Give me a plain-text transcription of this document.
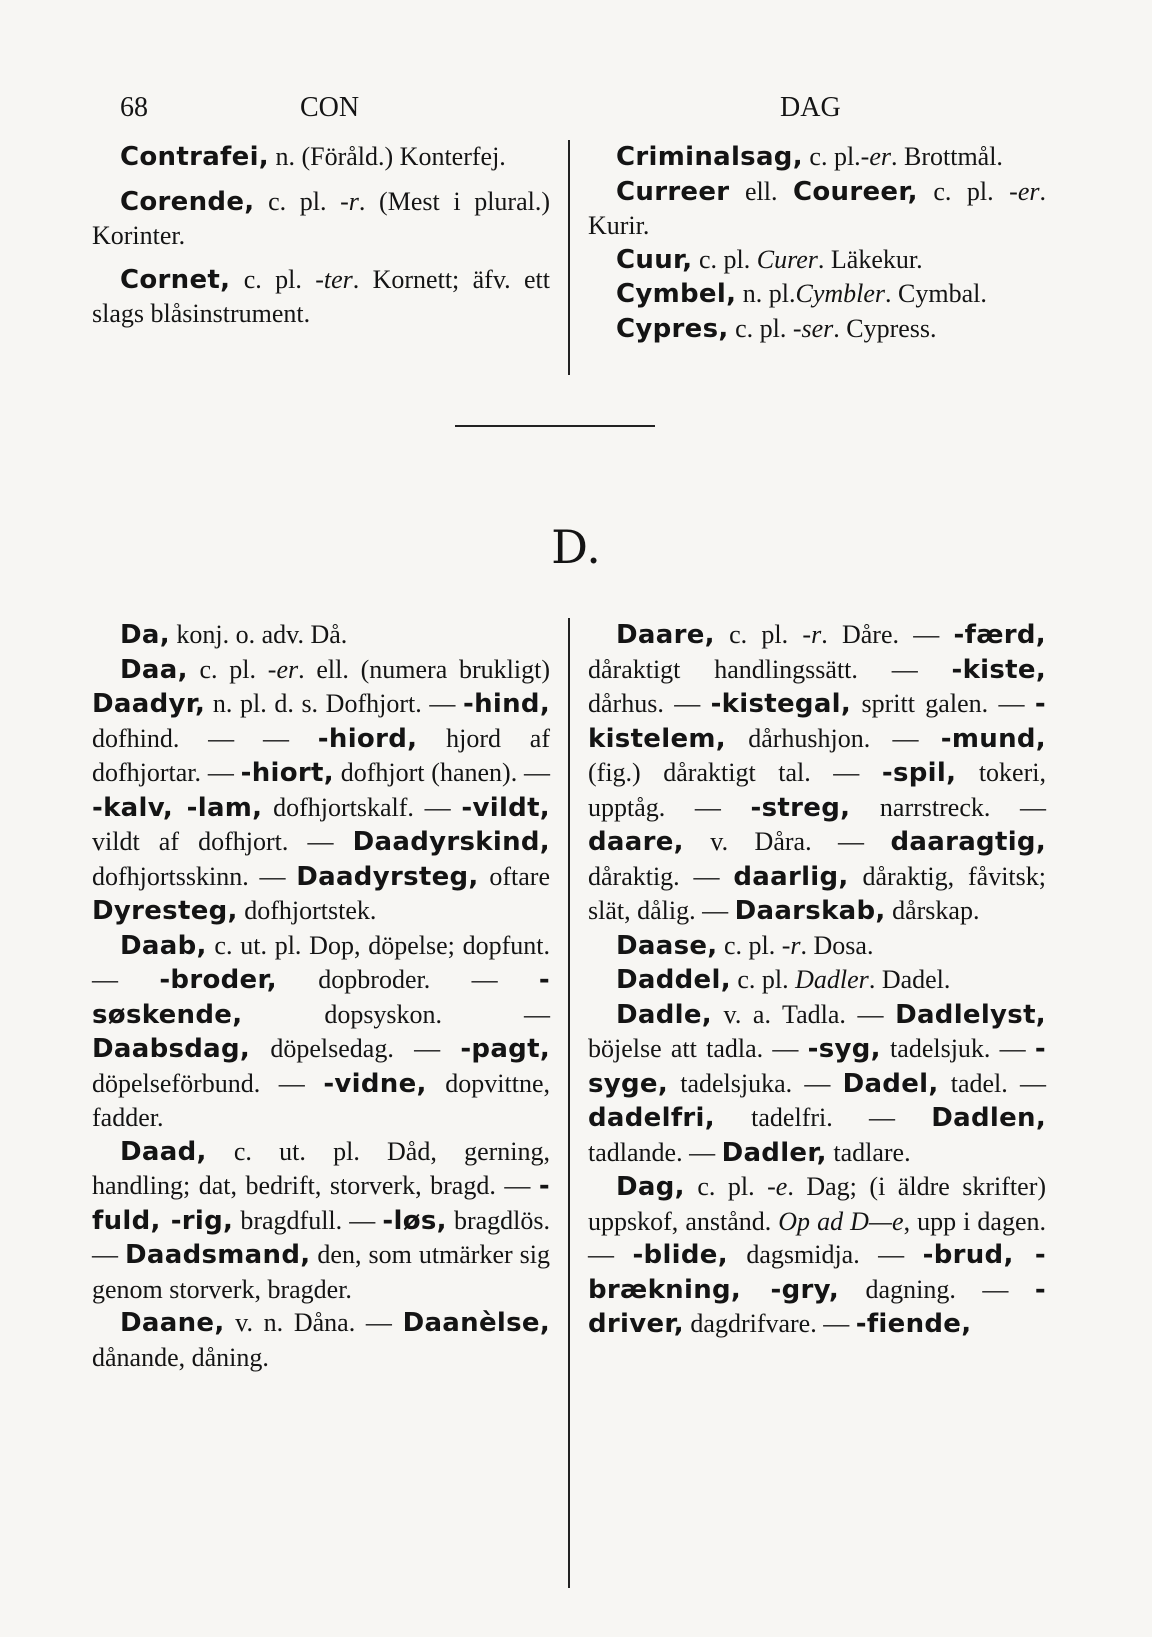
68	CON	DAG

Contrafei, n. (Föråld.) Konterfej.

Corende, c. pl. -r. (Mest i plural.) Korinter.

Cornet, c. pl. -ter. Kornett; äfv. ett slags blåsinstrument.

Criminalsag, c. pl.-er. Brottmål.

Curreer ell. Coureer, c. pl. -er. Kurir.

Cuur, c. pl. Curer. Läkekur.

Cymbel, n. pl.Cymbler. Cymbal.

Cypres, c. pl. -ser. Cypress.

D.

Da, konj. o. adv. Då.

Daa, c. pl. -er. ell. (numera brukligt) Daadyr, n. pl. d. s. Dofhjort. — -hind, dofhind. — — -hiord, hjord af dofhjortar. — -hiort, dofhjort (hanen). — -kalv, -lam, dofhjortskalf. — -vildt, vildt af dofhjort. — Daadyrskind, dofhjortsskinn. — Daadyrsteg, oftare Dyresteg, dofhjortstek.

Daab, c. ut. pl. Dop, döpelse; dopfunt. — -broder, dopbroder. — -søskende, dopsyskon. — Daabsdag, döpelsedag. — -pagt, döpelseförbund. — -vidne, dopvittne, fadder.

Daad, c. ut. pl. Dåd, gerning, handling; dat, bedrift, storverk, bragd. — -fuld, -rig, bragdfull. — -løs, bragdlös. — Daadsmand, den, som utmärker sig genom storverk, bragder.

Daane, v. n. Dåna. — Daanèlse, dånande, dåning.

Daare, c. pl. -r. Dåre. — -færd, dåraktigt handlingssätt. — -kiste, dårhus. — -kistegal, spritt galen. — -kistelem, dårhushjon. — -mund, (fig.) dåraktigt tal. — -spil, tokeri, upptåg. — -streg, narrstreck. — daare, v. Dåra. — daaragtig, dåraktig. — daarlig, dåraktig, fåvitsk; slät, dålig. — Daarskab, dårskap.

Daase, c. pl. -r. Dosa.

Daddel, c. pl. Dadler. Dadel.

Dadle, v. a. Tadla. — Dadlelyst, böjelse att tadla. — -syg, tadelsjuk. — -syge, tadelsjuka. — Dadel, tadel. — dadelfri, tadelfri. — Dadlen, tadlande. — Dadler, tadlare.

Dag, c. pl. -e. Dag; (i äldre skrifter) uppskof, anstånd. Op ad D—e, upp i dagen. — -blide, dagsmidja. — -brud, -brækning, -gry, dagning. — -driver, dagdrifvare. — -fiende,
